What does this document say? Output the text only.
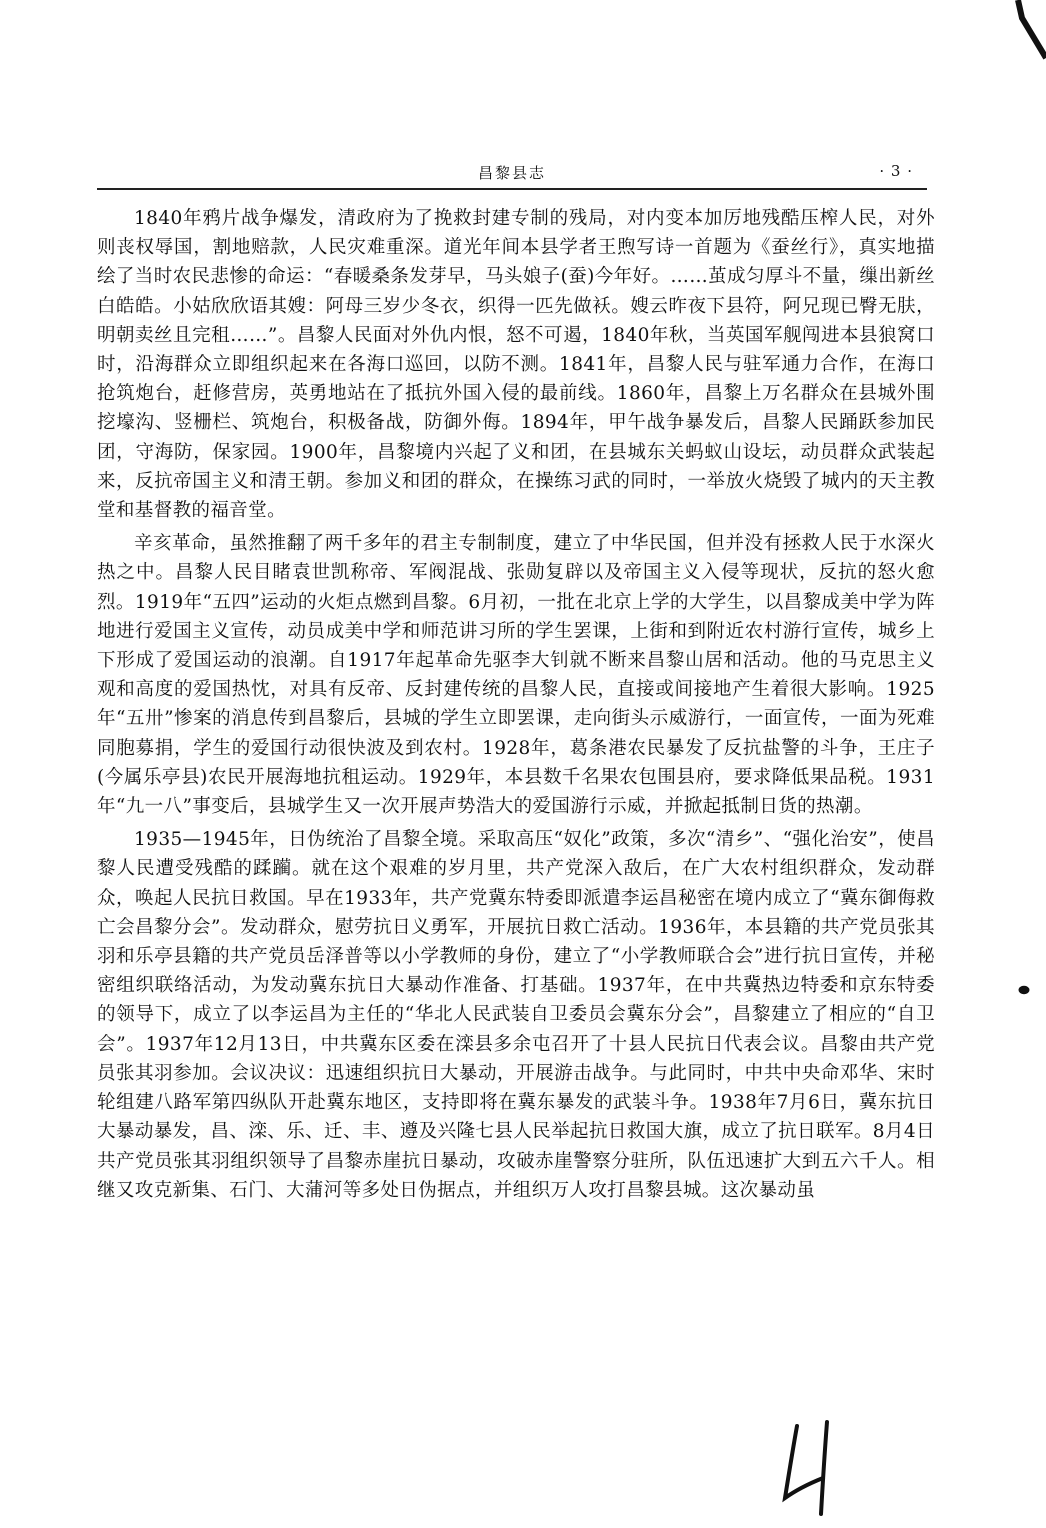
昌黎县志	· 3 ·

1840年鸦片战争爆发，清政府为了挽救封建专制的残局，对内变本加厉地残酷压榨人民，对外则丧权辱国，割地赔款，人民灾难重深。道光年间本县学者王煦写诗一首题为《蚕丝行》，真实地描绘了当时农民悲惨的命运：“春暖桑条发芽早，马头娘子(蚕)今年好。……茧成匀厚斗不量，缫出新丝白皓皓。小姑欣欣语其嫂：阿母三岁少冬衣，织得一匹先做袄。嫂云昨夜下县符，阿兄现已臀无肤，明朝卖丝且完租……”。昌黎人民面对外仇内恨，怒不可遏，1840年秋，当英国军舰闯进本县狼窝口时，沿海群众立即组织起来在各海口巡回，以防不测。1841年，昌黎人民与驻军通力合作，在海口抢筑炮台，赶修营房，英勇地站在了抵抗外国入侵的最前线。1860年，昌黎上万名群众在县城外围挖壕沟、竖栅栏、筑炮台，积极备战，防御外侮。1894年，甲午战争暴发后，昌黎人民踊跃参加民团，守海防，保家园。1900年，昌黎境内兴起了义和团，在县城东关蚂蚁山设坛，动员群众武装起来，反抗帝国主义和清王朝。参加义和团的群众，在操练习武的同时，一举放火烧毁了城内的天主教堂和基督教的福音堂。

辛亥革命，虽然推翻了两千多年的君主专制制度，建立了中华民国，但并没有拯救人民于水深火热之中。昌黎人民目睹袁世凯称帝、军阀混战、张勋复辟以及帝国主义入侵等现状，反抗的怒火愈烈。1919年“五四”运动的火炬点燃到昌黎。6月初，一批在北京上学的大学生，以昌黎成美中学为阵地进行爱国主义宣传，动员成美中学和师范讲习所的学生罢课，上街和到附近农村游行宣传，城乡上下形成了爱国运动的浪潮。自1917年起革命先驱李大钊就不断来昌黎山居和活动。他的马克思主义观和高度的爱国热忱，对具有反帝、反封建传统的昌黎人民，直接或间接地产生着很大影响。1925年“五卅”惨案的消息传到昌黎后，县城的学生立即罢课，走向街头示威游行，一面宣传，一面为死难同胞募捐，学生的爱国行动很快波及到农村。1928年，葛条港农民暴发了反抗盐警的斗争，王庄子(今属乐亭县)农民开展海地抗租运动。1929年，本县数千名果农包围县府，要求降低果品税。1931年“九一八”事变后，县城学生又一次开展声势浩大的爱国游行示威，并掀起抵制日货的热潮。

1935—1945年，日伪统治了昌黎全境。采取高压“奴化”政策，多次“清乡”、“强化治安”，使昌黎人民遭受残酷的蹂躏。就在这个艰难的岁月里，共产党深入敌后，在广大农村组织群众，发动群众，唤起人民抗日救国。早在1933年，共产党冀东特委即派遣李运昌秘密在境内成立了“冀东御侮救亡会昌黎分会”。发动群众，慰劳抗日义勇军，开展抗日救亡活动。1936年，本县籍的共产党员张其羽和乐亭县籍的共产党员岳泽普等以小学教师的身份，建立了“小学教师联合会”进行抗日宣传，并秘密组织联络活动，为发动冀东抗日大暴动作准备、打基础。1937年，在中共冀热边特委和京东特委的领导下，成立了以李运昌为主任的“华北人民武装自卫委员会冀东分会”，昌黎建立了相应的“自卫会”。1937年12月13日，中共冀东区委在滦县多余屯召开了十县人民抗日代表会议。昌黎由共产党员张其羽参加。会议决议：迅速组织抗日大暴动，开展游击战争。与此同时，中共中央命邓华、宋时轮组建八路军第四纵队开赴冀东地区，支持即将在冀东暴发的武装斗争。1938年7月6日，冀东抗日大暴动暴发，昌、滦、乐、迁、丰、遵及兴隆七县人民举起抗日救国大旗，成立了抗日联军。8月4日共产党员张其羽组织领导了昌黎赤崖抗日暴动，攻破赤崖警察分驻所，队伍迅速扩大到五六千人。相继又攻克新集、石门、大蒲河等多处日伪据点，并组织万人攻打昌黎县城。这次暴动虽
